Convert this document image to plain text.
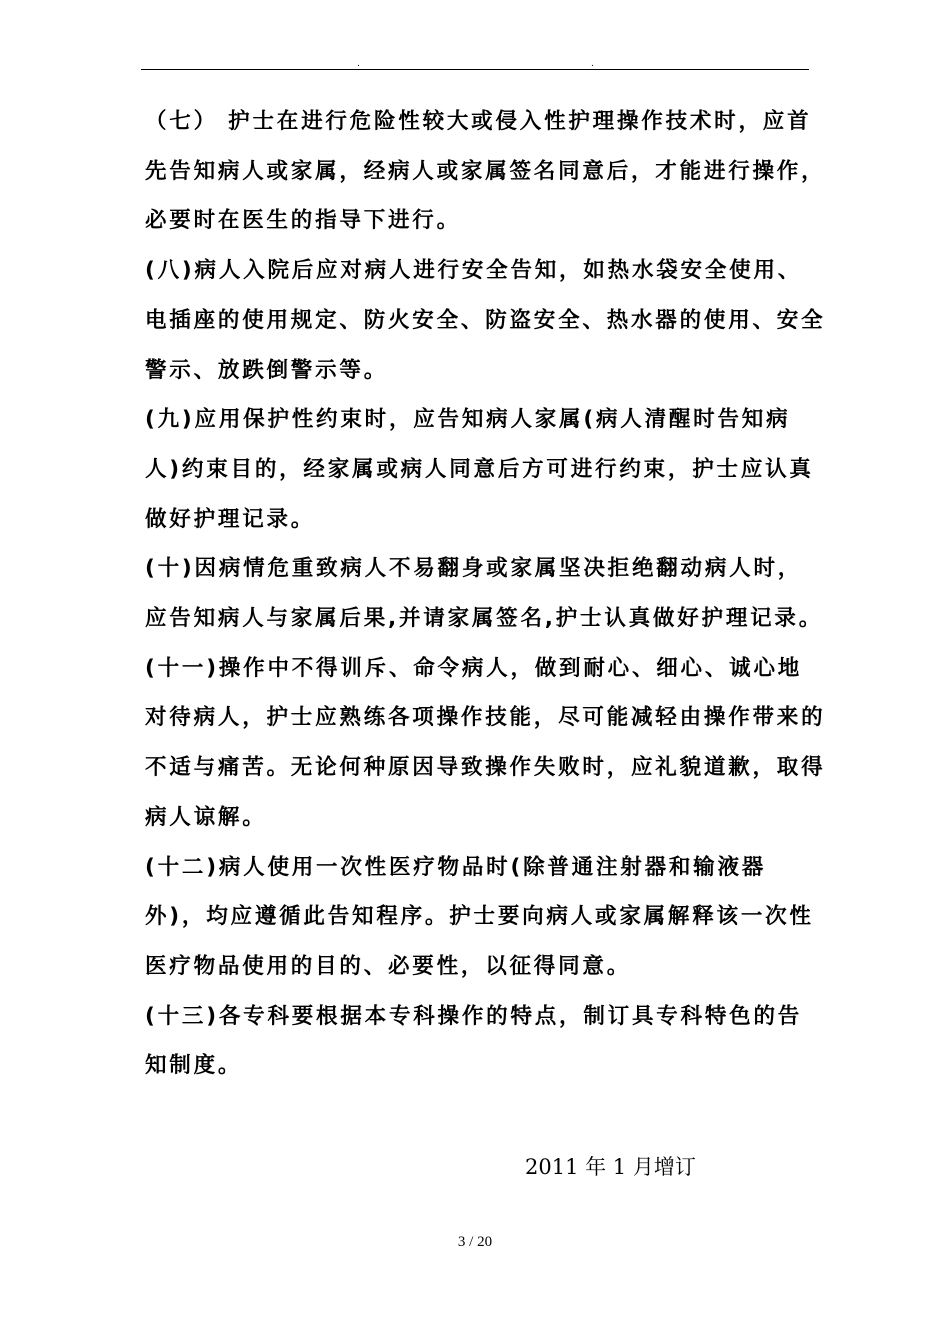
.	.
（七） 护士在进行危险性较大或侵入性护理操作技术时，应首
先告知病人或家属，经病人或家属签名同意后，才能进行操作，
必要时在医生的指导下进行。
(八)病人入院后应对病人进行安全告知，如热水袋安全使用、
电插座的使用规定、防火安全、防盗安全、热水器的使用、安全
警示、放跌倒警示等。
(九)应用保护性约束时，应告知病人家属(病人清醒时告知病
人)约束目的，经家属或病人同意后方可进行约束，护士应认真
做好护理记录。
(十)因病情危重致病人不易翻身或家属坚决拒绝翻动病人时，
应告知病人与家属后果,并请家属签名,护士认真做好护理记录。
(十一)操作中不得训斥、命令病人，做到耐心、细心、诚心地
对待病人，护士应熟练各项操作技能，尽可能减轻由操作带来的
不适与痛苦。无论何种原因导致操作失败时，应礼貌道歉，取得
病人谅解。
(十二)病人使用一次性医疗物品时(除普通注射器和输液器
外)，均应遵循此告知程序。护士要向病人或家属解释该一次性
医疗物品使用的目的、必要性，以征得同意。
(十三)各专科要根据本专科操作的特点，制订具专科特色的告
知制度。
2011 年 1 月增订
3 / 20
